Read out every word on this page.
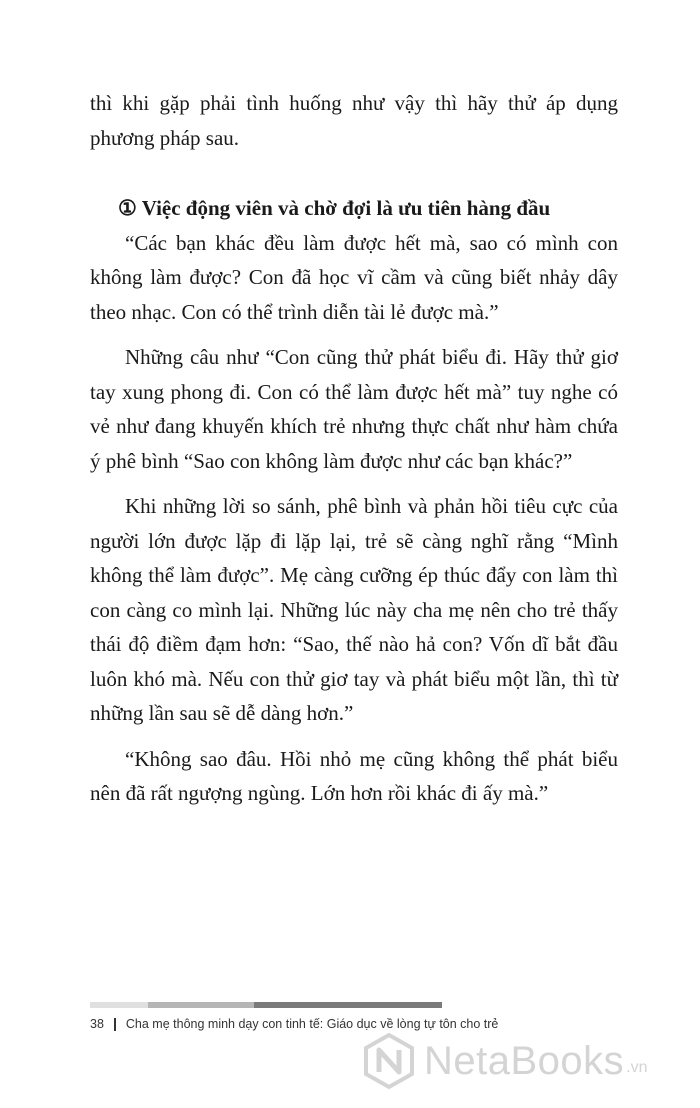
thì khi gặp phải tình huống như vậy thì hãy thử áp dụng phương pháp sau.

① Việc động viên và chờ đợi là ưu tiên hàng đầu

“Các bạn khác đều làm được hết mà, sao có mình con không làm được? Con đã học vĩ cầm và cũng biết nhảy dây theo nhạc. Con có thể trình diễn tài lẻ được mà.”

Những câu như “Con cũng thử phát biểu đi. Hãy thử giơ tay xung phong đi. Con có thể làm được hết mà” tuy nghe có vẻ như đang khuyến khích trẻ nhưng thực chất như hàm chứa ý phê bình “Sao con không làm được như các bạn khác?”

Khi những lời so sánh, phê bình và phản hồi tiêu cực của người lớn được lặp đi lặp lại, trẻ sẽ càng nghĩ rằng “Mình không thể làm được”. Mẹ càng cưỡng ép thúc đẩy con làm thì con càng co mình lại. Những lúc này cha mẹ nên cho trẻ thấy thái độ điềm đạm hơn: “Sao, thế nào hả con? Vốn dĩ bắt đầu luôn khó mà. Nếu con thử giơ tay và phát biểu một lần, thì từ những lần sau sẽ dễ dàng hơn.”

“Không sao đâu. Hồi nhỏ mẹ cũng không thể phát biểu nên đã rất ngượng ngùng. Lớn hơn rồi khác đi ấy mà.”

38 Cha mẹ thông minh dạy con tinh tế: Giáo dục về lòng tự tôn cho trẻ
NetaBooks .vn
